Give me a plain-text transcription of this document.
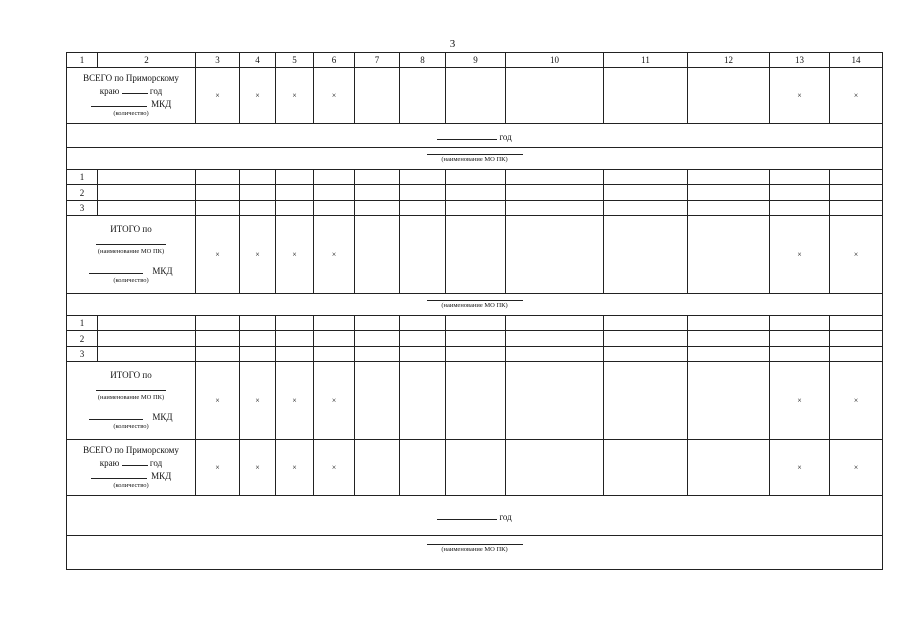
3
1	2	3	4	5	6	7	8	9	10	11	12	13	14

ВСЕГО по Приморскому
краю год
МКД
(количество)		×	×	×	×							×	×
год													

(наименование МО ПК)													
1													
2													
3													

ИТОГО по
(наименование МО ПК)
МКД
(количество)		×	×	×	×							×	×

(наименование МО ПК)													
1													
2													
3													

ИТОГО по
(наименование МО ПК)
МКД
(количество)		×	×	×	×							×	×

ВСЕГО по Приморскому
краю год
МКД
(количество)		×	×	×	×							×	×
год													

(наименование МО ПК)													
